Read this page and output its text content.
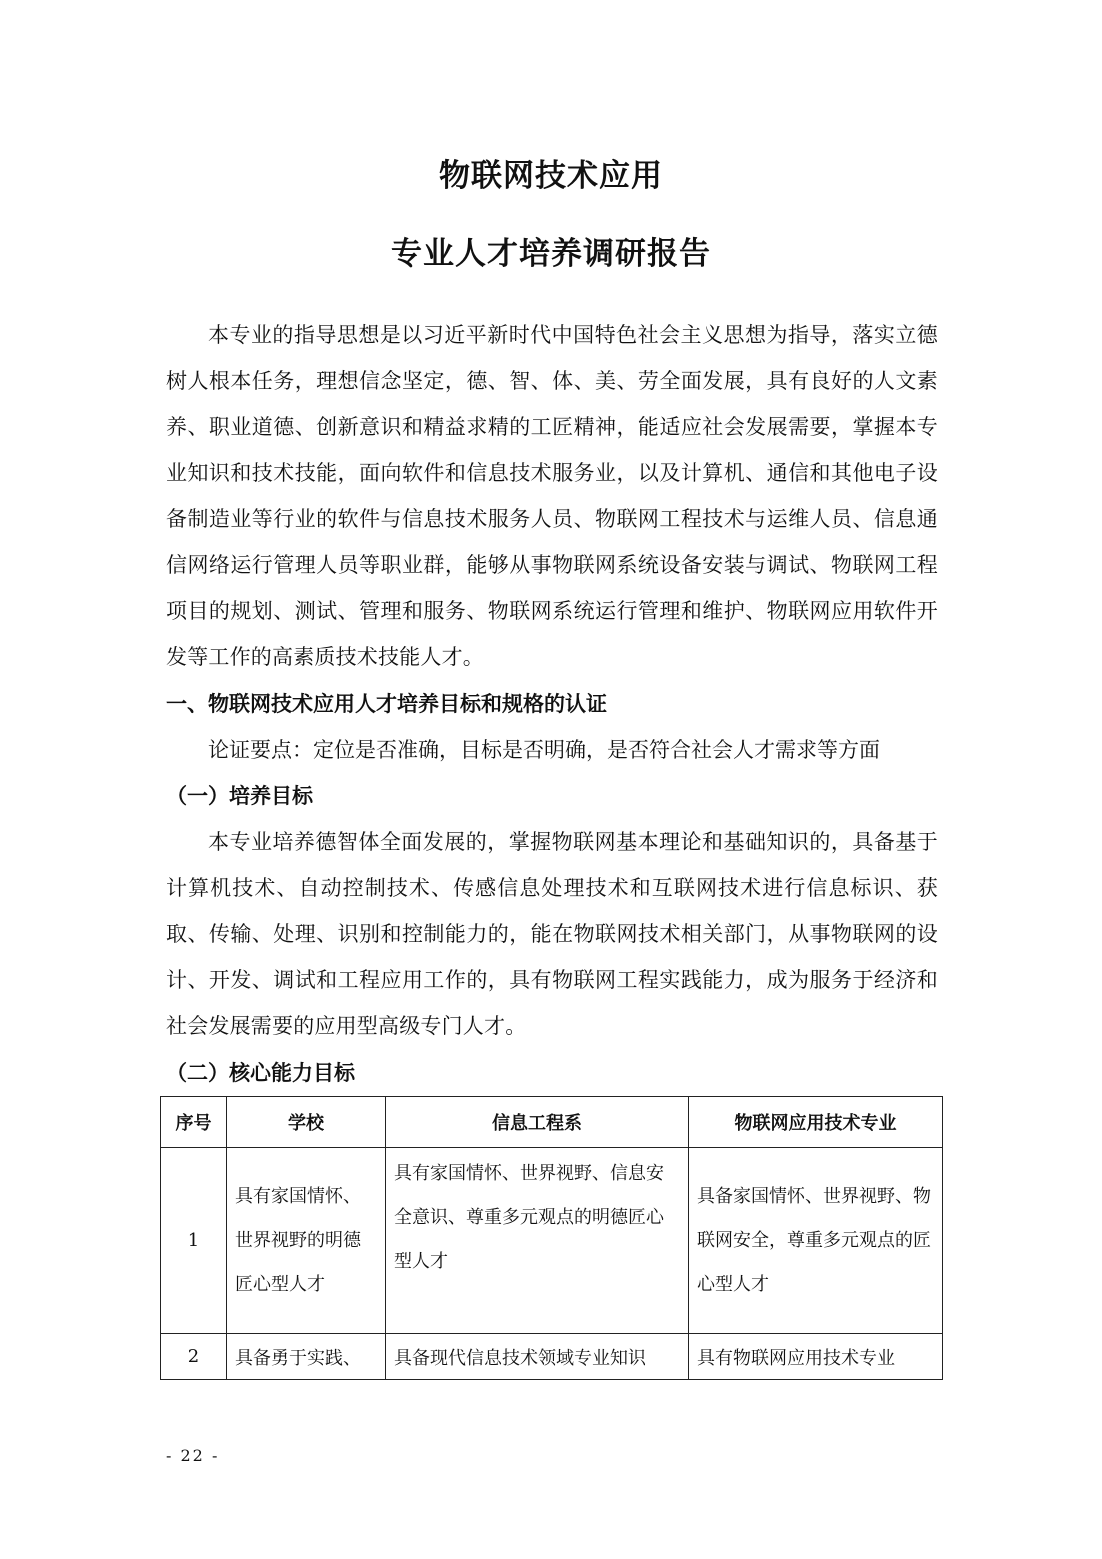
物联网技术应用
专业人才培养调研报告

本专业的指导思想是以习近平新时代中国特色社会主义思想为指导，落实立德树人根本任务，理想信念坚定，德、智、体、美、劳全面发展，具有良好的人文素养、职业道德、创新意识和精益求精的工匠精神，能适应社会发展需要，掌握本专业知识和技术技能，面向软件和信息技术服务业，以及计算机、通信和其他电子设备制造业等行业的软件与信息技术服务人员、物联网工程技术与运维人员、信息通信网络运行管理人员等职业群，能够从事物联网系统设备安装与调试、物联网工程项目的规划、测试、管理和服务、物联网系统运行管理和维护、物联网应用软件开发等工作的高素质技术技能人才。

一、物联网技术应用人才培养目标和规格的认证
论证要点：定位是否准确，目标是否明确，是否符合社会人才需求等方面
（一）培养目标

本专业培养德智体全面发展的，掌握物联网基本理论和基础知识的，具备基于计算机技术、自动控制技术、传感信息处理技术和互联网技术进行信息标识、获取、传输、处理、识别和控制能力的，能在物联网技术相关部门，从事物联网的设计、开发、调试和工程应用工作的，具有物联网工程实践能力，成为服务于经济和社会发展需要的应用型高级专门人才。

（二）核心能力目标
序号	学校	信息工程系	物联网应用技术专业
1	具有家国情怀、世界视野的明德匠心型人才	具有家国情怀、世界视野、信息安全意识、尊重多元观点的明德匠心型人才	具备家国情怀、世界视野、物联网安全，尊重多元观点的匠心型人才

2	具备勇于实践、	具备现代信息技术领域专业知识	具有物联网应用技术专业
- 22 -
